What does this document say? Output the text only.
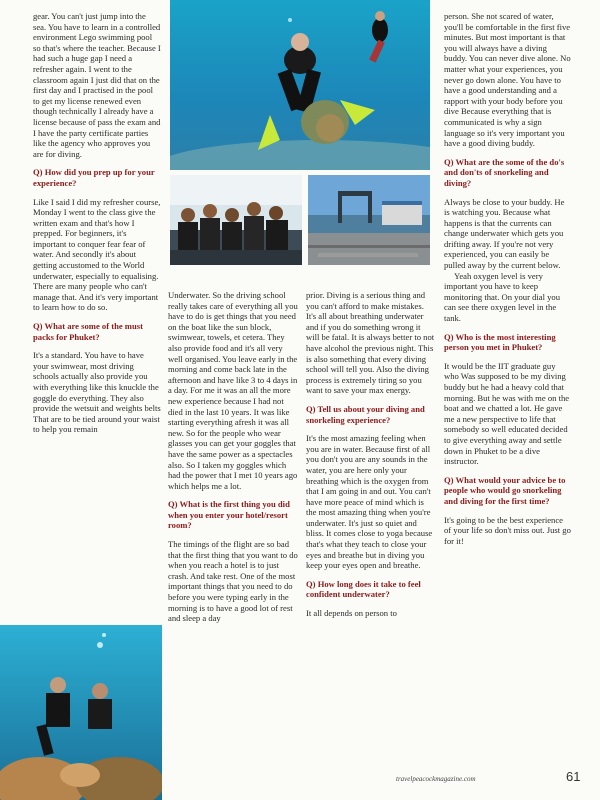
gear. You can't just jump into the sea. You have to learn in a controlled environment Lego swimming pool so that's where the teacher. Because I had such a huge gap I need a refresher again. I went to the classroom again I just did that on the first day and I practised in the pool to get my license renewed even though technically I already have a license because of pass the exam and I have the party certificate parties like the agency who approves you are for diving.

Q) How did you prep up for your experience?

Like I said I did my refresher course, Monday I went to the class give the written exam and that's how I prepped. For beginners, it's important to conquer fear fear of water. And secondly it's about getting accustomed to the World underwater, especially to equalising. There are many people who can't manage that. And it's very important to learn how to do so.

Q) What are some of the must packs for Phuket?

It's a standard. You have to have your swimwear, most driving schools actually also provide you with everything like this knuckle the goggle do everything. They also provide the wetsuit and weights belts That are to be tied around your waist to help you remain

Underwater. So the driving school really takes care of everything all you have to do is get things that you need on the boat like the sun block, swimwear, towels, et cetera. They also provide food and it's all very well organised. You leave early in the morning and come back late in the afternoon and have like 3 to 4 days in a day. For me it was an all the more new experience because I had not died in the last 10 years. It was like starting everything afresh it was all new. So for the people who wear glasses you can get your goggles that have the same power as a spectacles also. So I taken my goggles which had the power that I met 10 years ago which helps me a lot.

Q) What is the first thing you did when you enter your hotel/resort room?

The timings of the flight are so bad that the first thing that you want to do when you reach a hotel is to just crash. And take rest. One of the most important things that you need to do before you were typing early in the morning is to have a good lot of rest and sleep a day

prior. Diving is a serious thing and you can't afford to make mistakes. It's all about breathing underwater and if you do something wrong it will be fatal. It is always better to not have alcohol the previous night. This is also something that every diving school will tell you. Also the diving process is extremely tiring so you want to save your max energy.

Q) Tell us about your diving and snorkeling experience?

It's the most amazing feeling when you are in water. Because first of all you don't you are any sounds in the water, you are here only your breathing which is the oxygen from that I am going in and out. You can't have more peace of mind which is the most amazing thing when you're underwater. It's just so quiet and bliss. It comes close to yoga because that's what they teach to close your eyes and breathe but in diving you keep your eyes open and breathe.

Q) How long does it take to feel confident underwater?

It all depends on person to

person. She not scared of water, you'll be comfortable in the first five minutes. But most important is that you will always have a diving buddy. You can never dive alone. No matter what your experiences, you never go down alone. You have to have a good understanding and a rapport with your body before you dive Because everything that is communicated is why a sign language so it's very important you have a good diving buddy.

Q) What are the some of the do's and don'ts of snorkeling and diving?

Always be close to your buddy. He is watching you. Because what happens is that the currents can change underwater which gets you drifting away. If you're not very experienced, you can easily be pulled away by the current below.

Yeah oxygen level is very important you have to keep monitoring that. On your dial you can see there oxygen level in the tank.

Q) Who is the most interesting person you met in Phuket?

It would be the IIT graduate guy who Was supposed to be my diving buddy but he had a heavy cold that morning. But he was with me on the boat and we chatted a lot. He gave me a new perspective to life that somebody so well educated decided to give everything away and settle down in Phuket to be a dive instructor.

Q) What would your advice be to people who would go snorkeling and diving for the first time?

It's going to be the best experience of your life so don't miss out. Just go for it!

travelpeacockmagazine.com	61
